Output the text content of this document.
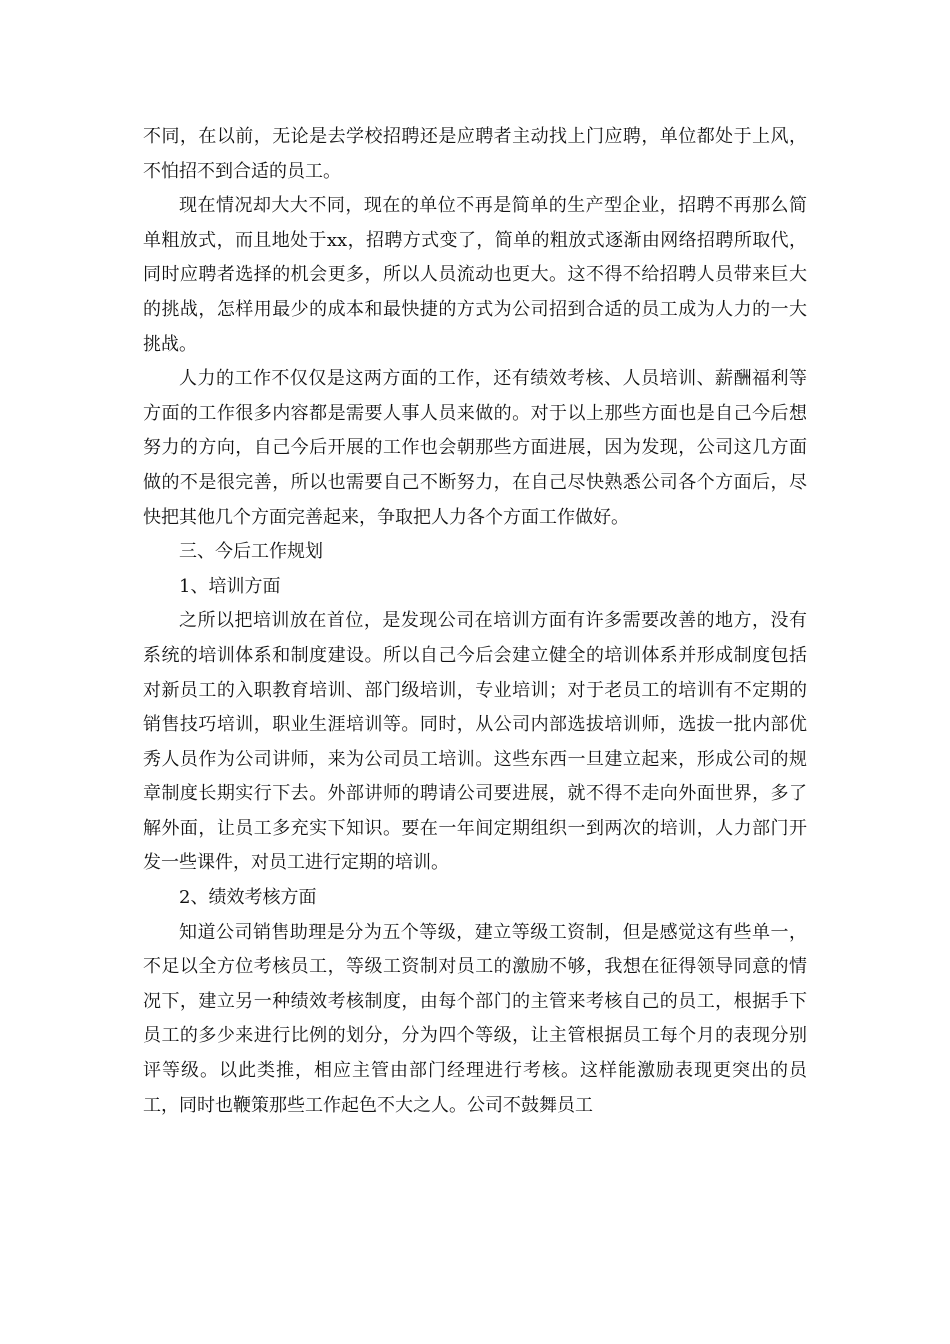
不同，在以前，无论是去学校招聘还是应聘者主动找上门应聘，单位都处于上风，不怕招不到合适的员工。

现在情况却大大不同，现在的单位不再是简单的生产型企业，招聘不再那么简单粗放式，而且地处于xx，招聘方式变了，简单的粗放式逐渐由网络招聘所取代，同时应聘者选择的机会更多，所以人员流动也更大。这不得不给招聘人员带来巨大的挑战，怎样用最少的成本和最快捷的方式为公司招到合适的员工成为人力的一大挑战。

人力的工作不仅仅是这两方面的工作，还有绩效考核、人员培训、薪酬福利等方面的工作很多内容都是需要人事人员来做的。对于以上那些方面也是自己今后想努力的方向，自己今后开展的工作也会朝那些方面进展，因为发现，公司这几方面做的不是很完善，所以也需要自己不断努力，在自己尽快熟悉公司各个方面后，尽快把其他几个方面完善起来，争取把人力各个方面工作做好。

三、今后工作规划

1、培训方面

之所以把培训放在首位，是发现公司在培训方面有许多需要改善的地方，没有系统的培训体系和制度建设。所以自己今后会建立健全的培训体系并形成制度包括对新员工的入职教育培训、部门级培训，专业培训；对于老员工的培训有不定期的销售技巧培训，职业生涯培训等。同时，从公司内部选拔培训师，选拔一批内部优秀人员作为公司讲师，来为公司员工培训。这些东西一旦建立起来，形成公司的规章制度长期实行下去。外部讲师的聘请公司要进展，就不得不走向外面世界，多了解外面，让员工多充实下知识。要在一年间定期组织一到两次的培训，人力部门开发一些课件，对员工进行定期的培训。

2、绩效考核方面

知道公司销售助理是分为五个等级，建立等级工资制，但是感觉这有些单一，不足以全方位考核员工，等级工资制对员工的激励不够，我想在征得领导同意的情况下，建立另一种绩效考核制度，由每个部门的主管来考核自己的员工，根据手下员工的多少来进行比例的划分，分为四个等级，让主管根据员工每个月的表现分别评等级。以此类推，相应主管由部门经理进行考核。这样能激励表现更突出的员工，同时也鞭策那些工作起色不大之人。公司不鼓舞员工
